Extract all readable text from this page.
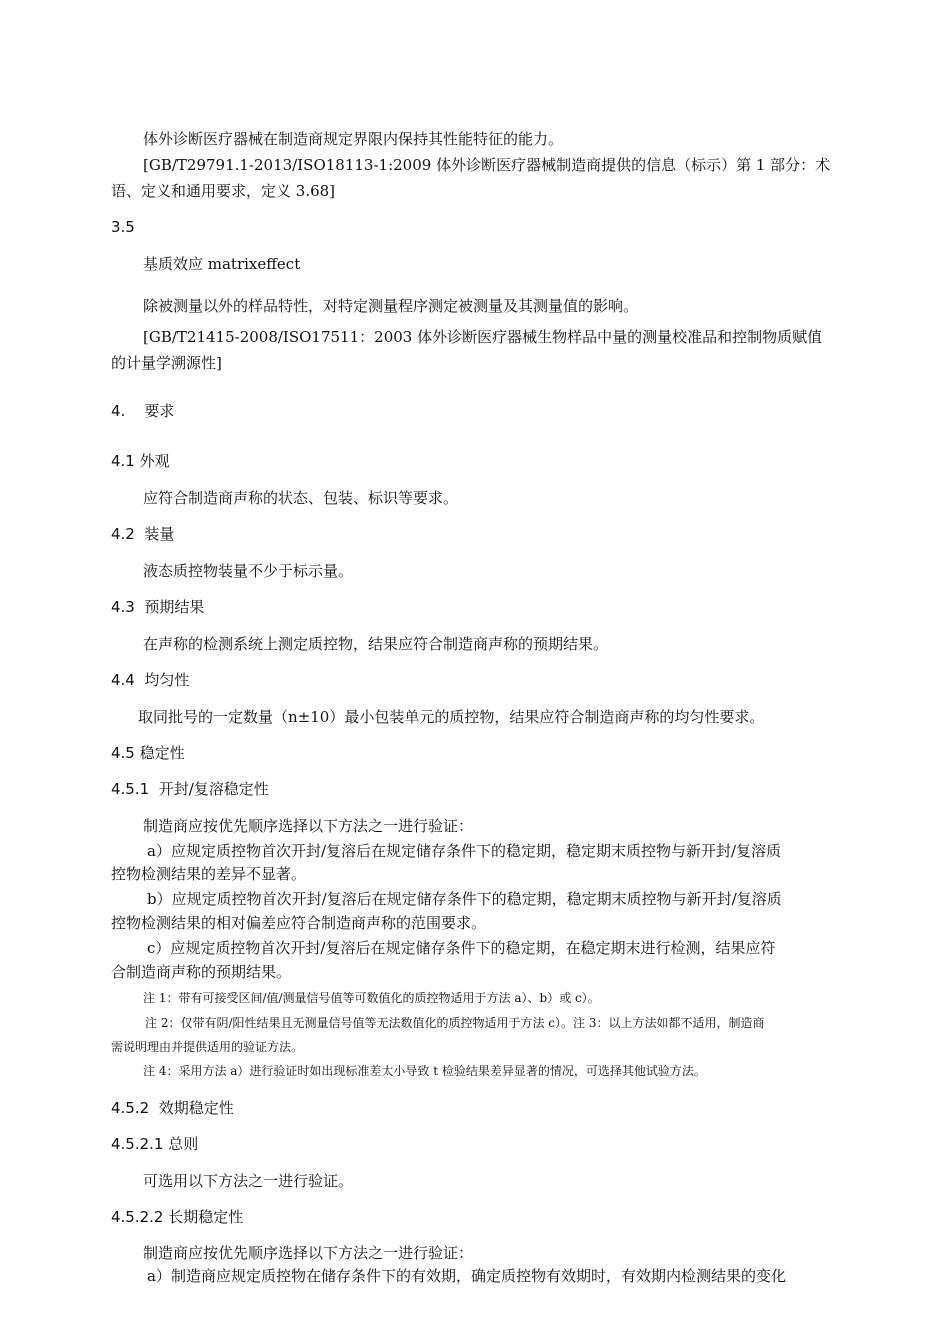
体外诊断医疗器械在制造商规定界限内保持其性能特征的能力。
[GB/T29791.1-2013/ISO18113-1:2009 体外诊断医疗器械制造商提供的信息（标示）第 1 部分：术
语、定义和通用要求，定义 3.68]
3.5
基质效应 matrixeffect
除被测量以外的样品特性，对特定测量程序测定被测量及其测量值的影响。
[GB/T21415-2008/ISO17511：2003 体外诊断医疗器械生物样品中量的测量校准品和控制物质赋值
的计量学溯源性]
4.    要求
4.1 外观
应符合制造商声称的状态、包装、标识等要求。
4.2  装量
液态质控物装量不少于标示量。
4.3  预期结果
在声称的检测系统上测定质控物，结果应符合制造商声称的预期结果。
4.4  均匀性
取同批号的一定数量（n±10）最小包装单元的质控物，结果应符合制造商声称的均匀性要求。
4.5 稳定性
4.5.1  开封/复溶稳定性
制造商应按优先顺序选择以下方法之一进行验证：
a）应规定质控物首次开封/复溶后在规定储存条件下的稳定期，稳定期末质控物与新开封/复溶质
控物检测结果的差异不显著。
b）应规定质控物首次开封/复溶后在规定储存条件下的稳定期，稳定期末质控物与新开封/复溶质
控物检测结果的相对偏差应符合制造商声称的范围要求。
c）应规定质控物首次开封/复溶后在规定储存条件下的稳定期，在稳定期末进行检测，结果应符
合制造商声称的预期结果。
注 1：带有可接受区间/值/测量信号值等可数值化的质控物适用于方法 a）、b）或 c）。
注 2：仅带有阴/阳性结果且无测量信号值等无法数值化的质控物适用于方法 c）。注 3：以上方法如都不适用，制造商
需说明理由并提供适用的验证方法。
注 4：采用方法 a）进行验证时如出现标准差太小导致 t 检验结果差异显著的情况，可选择其他试验方法。
4.5.2  效期稳定性
4.5.2.1 总则
可选用以下方法之一进行验证。
4.5.2.2 长期稳定性
制造商应按优先顺序选择以下方法之一进行验证：
a）制造商应规定质控物在储存条件下的有效期，确定质控物有效期时，有效期内检测结果的变化
